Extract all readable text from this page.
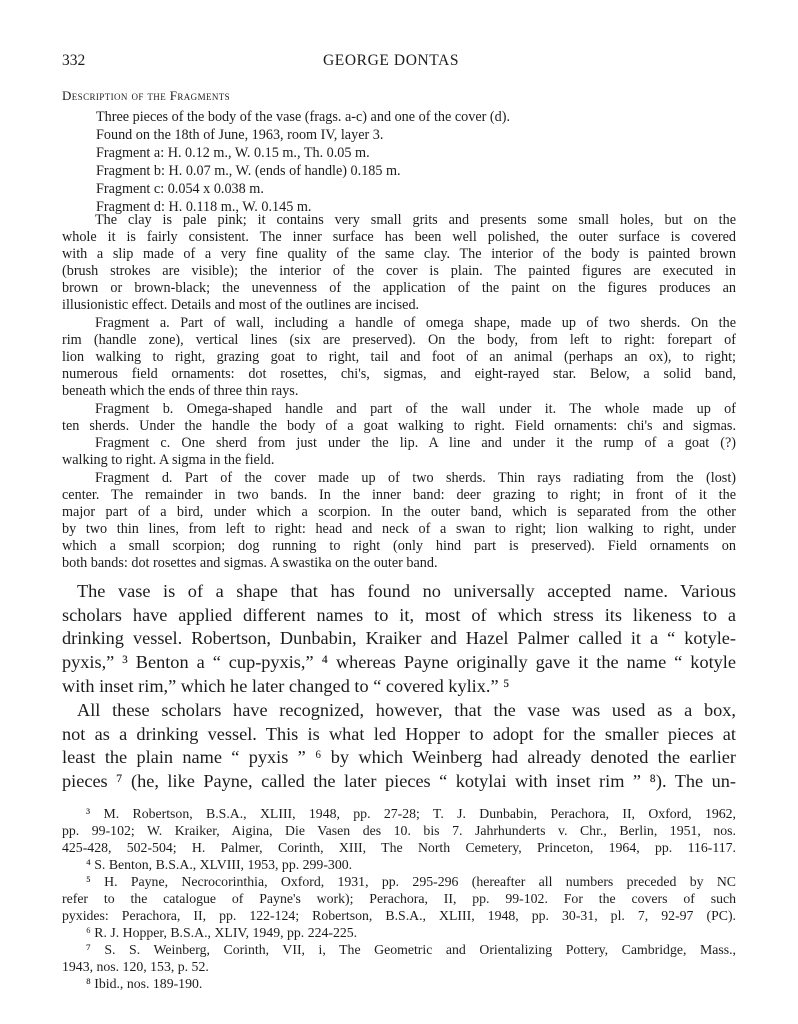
332	GEORGE DONTAS
Description of the Fragments
Three pieces of the body of the vase (frags. a-c) and one of the cover (d).
Found on the 18th of June, 1963, room IV, layer 3.
Fragment a: H. 0.12 m., W. 0.15 m., Th. 0.05 m.
Fragment b: H. 0.07 m., W. (ends of handle) 0.185 m.
Fragment c: 0.054 x 0.038 m.
Fragment d: H. 0.118 m., W. 0.145 m.
The clay is pale pink; it contains very small grits and presents some small holes, but on the
whole it is fairly consistent. The inner surface has been well polished, the outer surface is covered
with a slip made of a very fine quality of the same clay. The interior of the body is painted brown
(brush strokes are visible); the interior of the cover is plain. The painted figures are executed in
brown or brown-black; the unevenness of the application of the paint on the figures produces an
illusionistic effect. Details and most of the outlines are incised.
Fragment a. Part of wall, including a handle of omega shape, made up of two sherds. On the
rim (handle zone), vertical lines (six are preserved). On the body, from left to right: forepart of
lion walking to right, grazing goat to right, tail and foot of an animal (perhaps an ox), to right;
numerous field ornaments: dot rosettes, chi's, sigmas, and eight-rayed star. Below, a solid band,
beneath which the ends of three thin rays.
Fragment b. Omega-shaped handle and part of the wall under it. The whole made up of
ten sherds. Under the handle the body of a goat walking to right. Field ornaments: chi's and sigmas.
Fragment c. One sherd from just under the lip. A line and under it the rump of a goat (?)
walking to right. A sigma in the field.
Fragment d. Part of the cover made up of two sherds. Thin rays radiating from the (lost)
center. The remainder in two bands. In the inner band: deer grazing to right; in front of it the
major part of a bird, under which a scorpion. In the outer band, which is separated from the other
by two thin lines, from left to right: head and neck of a swan to right; lion walking to right, under
which a small scorpion; dog running to right (only hind part is preserved). Field ornaments on
both bands: dot rosettes and sigmas. A swastika on the outer band.
The vase is of a shape that has found no universally accepted name. Various
scholars have applied different names to it, most of which stress its likeness to a
drinking vessel. Robertson, Dunbabin, Kraiker and Hazel Palmer called it a “ kotyle-
pyxis,” ³ Benton a “ cup-pyxis,” ⁴ whereas Payne originally gave it the name “ kotyle
with inset rim,” which he later changed to “ covered kylix.” ⁵
All these scholars have recognized, however, that the vase was used as a box,
not as a drinking vessel. This is what led Hopper to adopt for the smaller pieces at
least the plain name “ pyxis ” ⁶ by which Weinberg had already denoted the earlier
pieces ⁷ (he, like Payne, called the later pieces “ kotylai with inset rim ” ⁸). The un-
³ M. Robertson, B.S.A., XLIII, 1948, pp. 27-28; T. J. Dunbabin, Perachora, II, Oxford, 1962,
pp. 99-102; W. Kraiker, Aigina, Die Vasen des 10. bis 7. Jahrhunderts v. Chr., Berlin, 1951, nos.
425-428, 502-504; H. Palmer, Corinth, XIII, The North Cemetery, Princeton, 1964, pp. 116-117.
⁴ S. Benton, B.S.A., XLVIII, 1953, pp. 299-300.
⁵ H. Payne, Necrocorinthia, Oxford, 1931, pp. 295-296 (hereafter all numbers preceded by NC
refer to the catalogue of Payne's work); Perachora, II, pp. 99-102. For the covers of such
pyxides: Perachora, II, pp. 122-124; Robertson, B.S.A., XLIII, 1948, pp. 30-31, pl. 7, 92-97 (PC).
⁶ R. J. Hopper, B.S.A., XLIV, 1949, pp. 224-225.
⁷ S. S. Weinberg, Corinth, VII, i, The Geometric and Orientalizing Pottery, Cambridge, Mass.,
1943, nos. 120, 153, p. 52.
⁸ Ibid., nos. 189-190.
